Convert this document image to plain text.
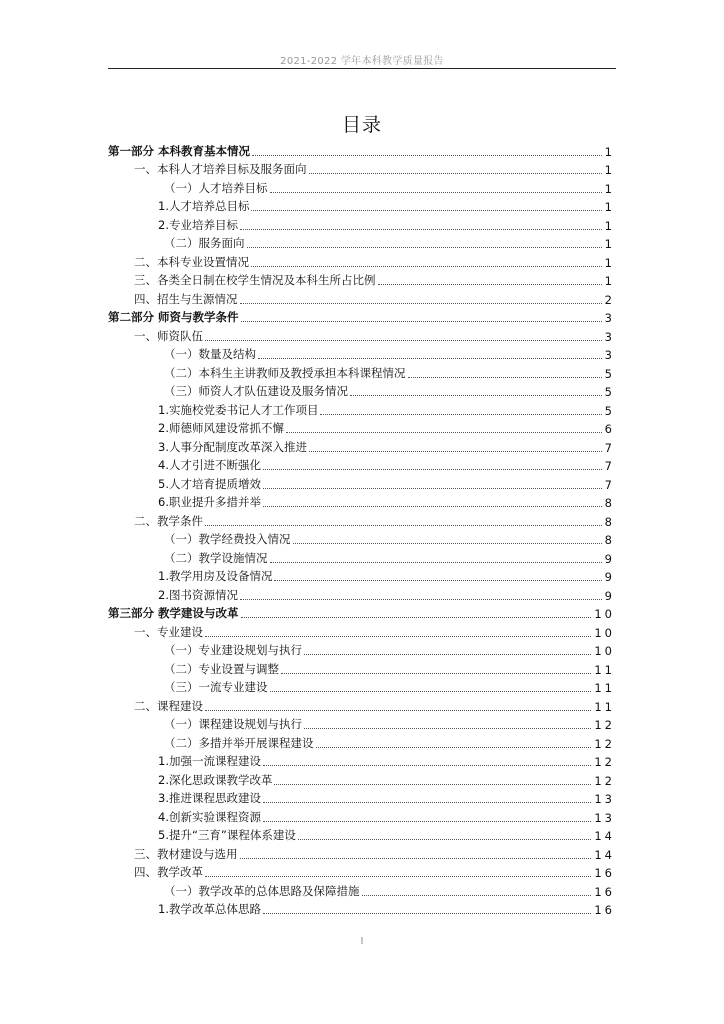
2021-2022 学年本科教学质量报告
目录
第一部分 本科教育基本情况	1
一、本科人才培养目标及服务面向	1
（一）人才培养目标	1
1.人才培养总目标	1
2.专业培养目标	1
（二）服务面向	1
二、本科专业设置情况	1
三、各类全日制在校学生情况及本科生所占比例	1
四、招生与生源情况	2
第二部分 师资与教学条件	3
一、师资队伍	3
（一）数量及结构	3
（二）本科生主讲教师及教授承担本科课程情况	5
（三）师资人才队伍建设及服务情况	5
1.实施校党委书记人才工作项目	5
2.师德师风建设常抓不懈	6
3.人事分配制度改革深入推进	7
4.人才引进不断强化	7
5.人才培育提质增效	7
6.职业提升多措并举	8
二、教学条件	8
（一）教学经费投入情况	8
（二）教学设施情况	9
1.教学用房及设备情况	9
2.图书资源情况	9
第三部分 教学建设与改革	10
一、专业建设	10
（一）专业建设规划与执行	10
（二）专业设置与调整	11
（三）一流专业建设	11
二、课程建设	11
（一）课程建设规划与执行	12
（二）多措并举开展课程建设	12
1.加强一流课程建设	12
2.深化思政课教学改革	12
3.推进课程思政建设	13
4.创新实验课程资源	13
5.提升“三育”课程体系建设	14
三、教材建设与选用	14
四、教学改革	16
（一）教学改革的总体思路及保障措施	16
1.教学改革总体思路	16
I
